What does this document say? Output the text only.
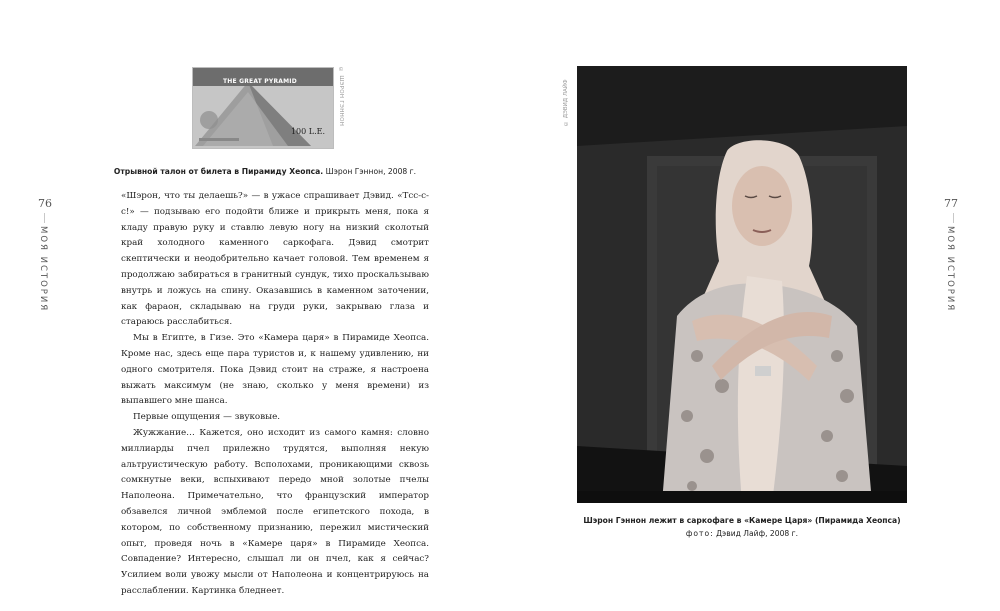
THE GREAT PYRAMID
100 L.E.
© ШЭРОН ГЭННОН
Отрывной талон от билета в Пирамиду Хеопса. Шэрон Гэннон, 2008 г.
76
МОЯ ИСТОРИЯ

«Шэрон, что ты делаешь?» — в ужасе спрашивает Дэвид. «Тсс-с-с!» — подзываю его подойти ближе и прикрыть меня, пока я кладу правую руку и ставлю левую ногу на низкий сколотый край холодного каменного саркофага. Дэвид смотрит скептически и неодобрительно качает головой. Тем временем я продолжаю забираться в гранитный сундук, тихо проскальзываю внутрь и ложусь на спину. Оказавшись в каменном заточении, как фараон, складываю на груди руки, закрываю глаза и стараюсь расслабиться.

Мы в Египте, в Гизе. Это «Камера царя» в Пирамиде Хеопса. Кроме нас, здесь еще пара туристов и, к нашему удивлению, ни одного смотрителя. Пока Дэвид стоит на страже, я настроена выжать максимум (не знаю, сколько у меня времени) из выпавшего мне шанса.

Первые ощущения — звуковые.

Жужжание… Кажется, оно исходит из самого камня: словно миллиарды пчел прилежно трудятся, выполняя некую альтруистическую работу. Всполохами, проникающими сквозь сомкнутые веки, вспыхивают передо мной золотые пчелы Наполеона. Примечательно, что французский император обзавелся личной эмблемой после египетского похода, в котором, по собственному признанию, пережил мистический опыт, проведя ночь в «Камере царя» в Пирамиде Хеопса. Совпадение? Интересно, слышал ли он пчел, как я сейчас? Усилием воли увожу мысли от Наполеона и концентрируюсь на расслаблении. Картинка бледнеет.

© ДЭВИД ЛАЙФ
Шэрон Гэннон лежит в саркофаге в «Камере Царя» (Пирамида Хеопса)
фото: Дэвид Лайф, 2008 г.
77
МОЯ ИСТОРИЯ
